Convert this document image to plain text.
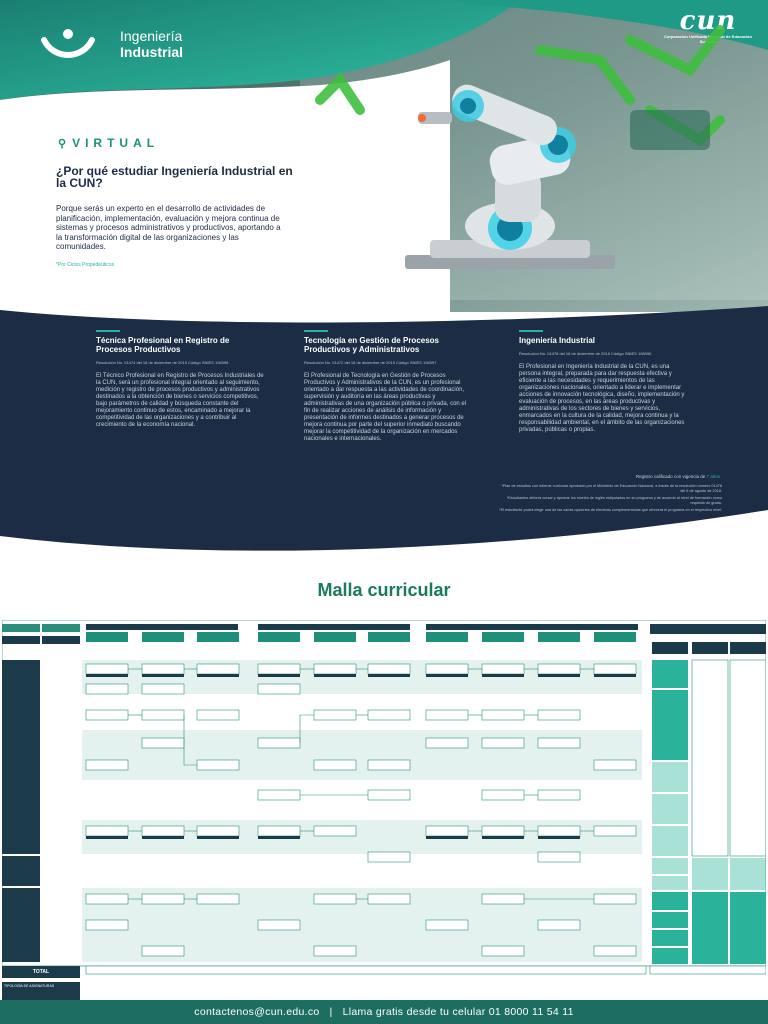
Ingeniería
Industrial
cun
Corporación Unificada Nacional de Educación Superior
⚲ VIRTUAL
¿Por qué estudiar Ingeniería Industrial en la CUN?
Porque serás un experto en el desarrollo de actividades de planificación, implementación, evaluación y mejora continua de sistemas y procesos administrativos y productivos, aportando a la transformación digital de las organizaciones y las comunidades.
*Por Ciclos Propedéuticos
Técnica Profesional en Registro de Procesos Productivos
Resolución No. 01474 del 18 de diciembre de 2019 Código SNIES 108598

El Técnico Profesional en Registro de Procesos Industriales de la CUN, será un profesional integral orientado al seguimiento, medición y registro de procesos productivos y administrativos destinados a la obtención de bienes o servicios competitivos, bajo parámetros de calidad y búsqueda constante del mejoramiento continuo de estos, encaminado a mejorar la competitividad de las organizaciones y a contribuir al crecimiento de la economía nacional.

Tecnología en Gestión de Procesos Productivos y Administrativos
Resolución No. 01472 del 18 de diciembre de 2019 Código SNIES 108597

El Profesional de Tecnología en Gestión de Procesos Productivos y Administrativos de la CUN, es un profesional orientado a dar respuesta a las actividades de coordinación, supervisión y auditoría en las áreas productivas y administrativas de una organización pública o privada, con el fin de realizar acciones de análisis de información y presentación de informes destinados a generar procesos de mejora continua por parte del superior inmediato buscando mejorar la competitividad de la organización en mercados nacionales e internacionales.

Ingeniería Industrial
Resolución No. 01478 del 18 de diciembre de 2019 Código SNIES 108596

El Profesional en Ingeniería Industrial de la CUN, es una persona integral, preparada para dar respuesta efectiva y eficiente a las necesidades y requerimientos de las organizaciones nacionales, orientado a liderar e implementar acciones de innovación tecnológica, diseño, implementación y evaluación de procesos, en las áreas productivas y administrativas de los sectores de bienes y servicios, enmarcados en la cultura de la calidad, mejora continua y la responsabilidad ambiental, en el ámbito de las organizaciones privadas, públicas o propias.

Registro calificado con vigencia de 7 años
*Plan de estudios con informe curricular aprobado por el Ministerio de Educación Nacional, a través de la resolución número 01478 del 6 de agosto de 2018.
*Estudiantes deberá cursar y aprobar los niveles de inglés estipulados en su programa y de acuerdo al nivel de formación como requisito de grado.
*El estudiante podrá elegir una de las varias opciones de electivas complementarias que ofrecerá el programa en el respectivo nivel.
Malla curricular
TOTAL
TIPOLOGÍA DE ASIGNATURAS
contactenos@cun.edu.co | Llama gratis desde tu celular 01 8000 11 54 11
